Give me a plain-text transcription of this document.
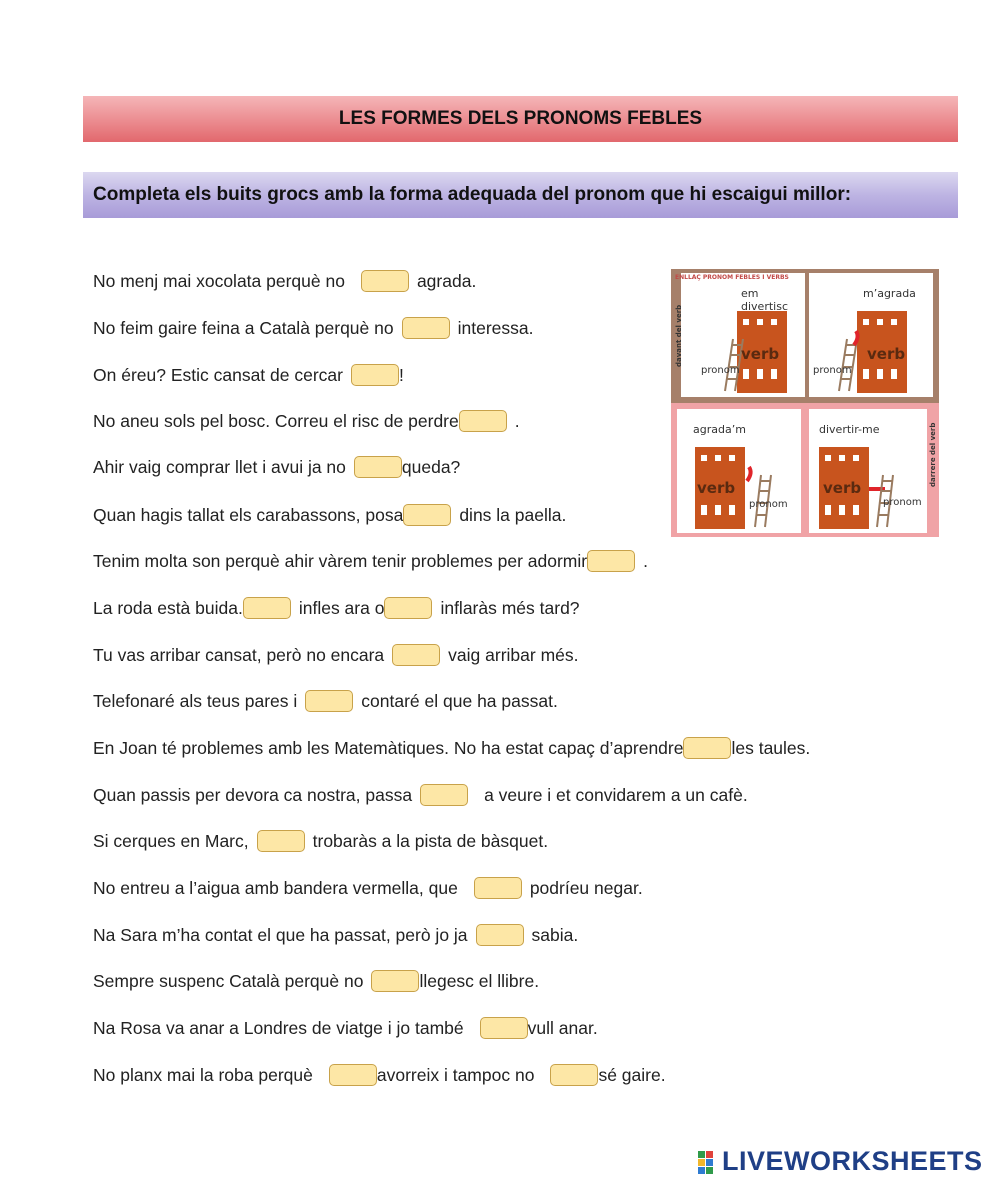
LES FORMES DELS PRONOMS FEBLES
Completa els buits grocs amb la forma adequada del pronom que hi escaigui millor:
No menj mai xocolata perquè no	agrada.
No feim gaire feina a Català perquè no	interessa.
On éreu? Estic cansat de cercar	!
No aneu sols pel bosc. Correu el risc de perdre	.
Ahir vaig comprar llet i avui ja no	queda?
Quan hagis tallat els carabassons, posa	dins la paella.
Tenim molta son perquè ahir vàrem tenir problemes per adormir	.
La roda està buida.	infles ara o	inflaràs més tard?
Tu vas arribar cansat, però no encara	vaig arribar més.
Telefonaré als teus pares i	contaré el que ha passat.
En Joan té problemes amb les Matemàtiques. No ha estat capaç d’aprendre	les taules.
Quan passis per devora ca nostra, passa	a veure i et convidarem a un cafè.
Si cerques en Marc,	trobaràs a la pista de bàsquet.
No entreu a l’aigua amb bandera vermella, que	podríeu negar.
Na Sara m’ha contat el que ha passat, però jo ja	sabia.
Sempre suspenc Català perquè no	llegesc el llibre.
Na Rosa va anar a Londres de viatge i jo també	vull anar.
No planx mai la roba perquè	avorreix i tampoc no	sé gaire.
em divertisc
verb
pronom
ENLLAÇ PRONOM FEBLES I VERBS
m’agrada
verb
pronom
agrada’m
verb
pronom
divertir-me
verb
pronom
davant del verb
darrere del verb
LIVEWORKSHEETS
